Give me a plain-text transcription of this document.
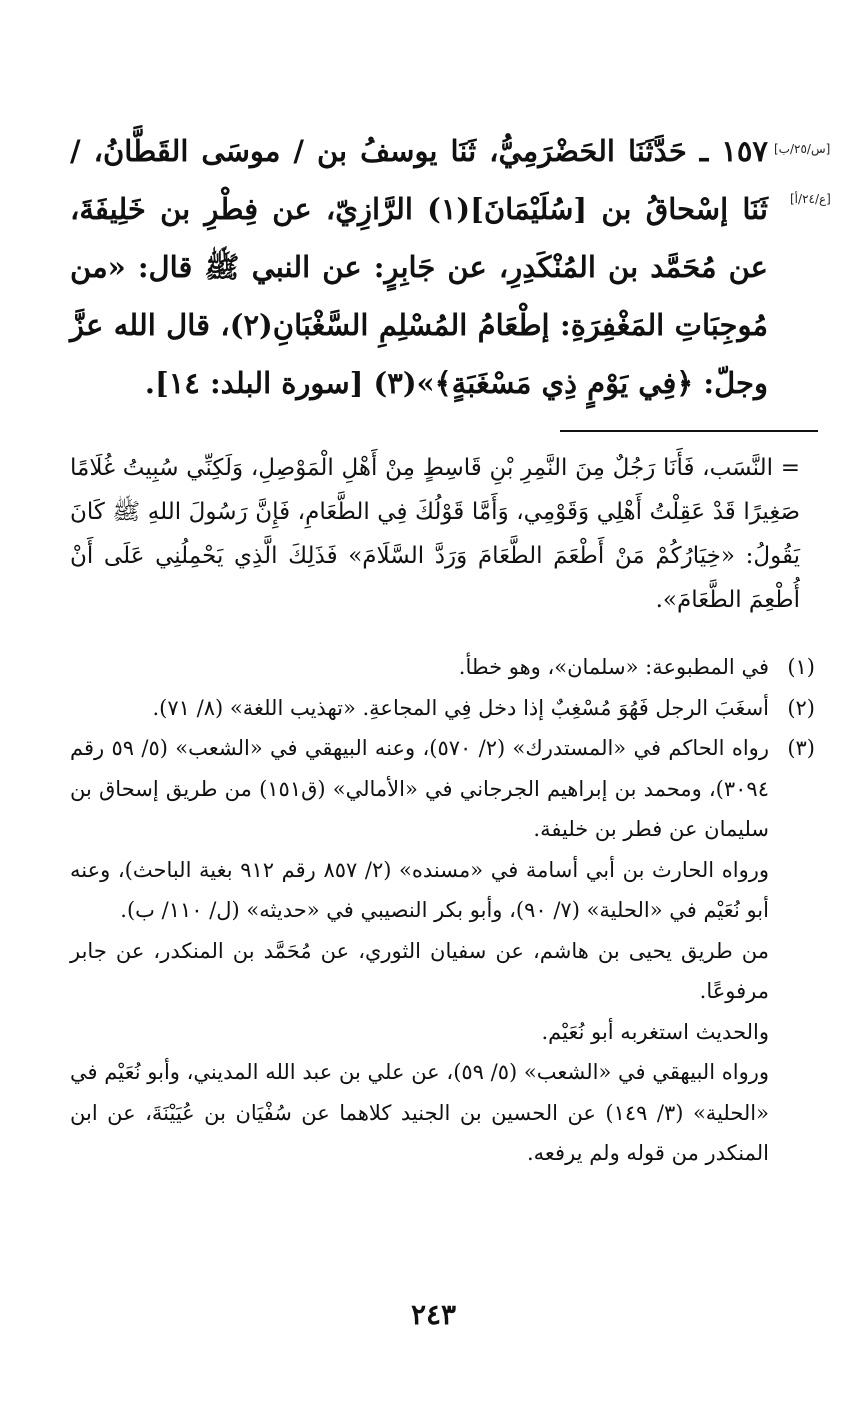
١٥٧ ـ حَدَّثَنَا الحَضْرَمِيُّ، ثَنَا يوسفُ بن / موسَى القَطَّانُ، / ثَنَا إسْحاقُ بن [سُلَيْمَانَ](١) الرَّازِيّ، عن فِطْرِ بن خَلِيفَةَ، عن مُحَمَّد بن المُنْكَدِرِ، عن جَابِرٍ: عن النبي ﷺ قال: «من مُوجِبَاتِ المَغْفِرَةِ: إطْعَامُ المُسْلِمِ السَّغْبَانِ(٢)، قال الله عزَّ وجلّ: ﴿فِي يَوْمٍ ذِي مَسْغَبَةٍ﴾»(٣) [سورة البلد: ١٤].

[س/٢٥/ب]
[ع/٢٤/أ]

= النَّسَب، فَأَنَا رَجُلٌ مِنَ النَّمِرِ بْنِ قَاسِطٍ مِنْ أَهْلِ الْمَوْصِلِ، وَلَكِنِّي سُبِيتُ غُلَامًا صَغِيرًا قَدْ عَقِلْتُ أَهْلِي وَقَوْمِي، وَأَمَّا قَوْلُكَ فِي الطَّعَامِ، فَإِنَّ رَسُولَ اللهِ ﷺ كَانَ يَقُولُ: «خِيَارُكُمْ مَنْ أَطْعَمَ الطَّعَامَ وَرَدَّ السَّلَامَ» فَذَلِكَ الَّذِي يَحْمِلُنِي عَلَى أَنْ أُطْعِمَ الطَّعَامَ».

(١)

في المطبوعة: «سلمان»، وهو خطأ.

(٢)

أسغَبَ الرجل فَهُوَ مُسْغِبٌ إذا دخل فِي المجاعةِ. «تهذيب اللغة» (٨/ ٧١).

(٣)

رواه الحاكم في «المستدرك» (٢/ ٥٧٠)، وعنه البيهقي في «الشعب» (٥/ ٥٩ رقم ٣٠٩٤)، ومحمد بن إبراهيم الجرجاني في «الأمالي» (ق١٥١) من طريق إسحاق بن سليمان عن فطر بن خليفة.

ورواه الحارث بن أبي أسامة في «مسنده» (٢/ ٨٥٧ رقم ٩١٢ بغية الباحث)، وعنه أبو نُعَيْم في «الحلية» (٧/ ٩٠)، وأبو بكر النصيبي في «حديثه» (ل/ ١١٠/ ب).

من طريق يحيى بن هاشم، عن سفيان الثوري، عن مُحَمَّد بن المنكدر، عن جابر مرفوعًا.

والحديث استغربه أبو نُعَيْم.

ورواه البيهقي في «الشعب» (٥/ ٥٩)، عن علي بن عبد الله المديني، وأبو نُعَيْم في «الحلية» (٣/ ١٤٩) عن الحسين بن الجنيد كلاهما عن سُفْيَان بن عُيَيْنَةَ، عن ابن المنكدر من قوله ولم يرفعه.

٢٤٣
